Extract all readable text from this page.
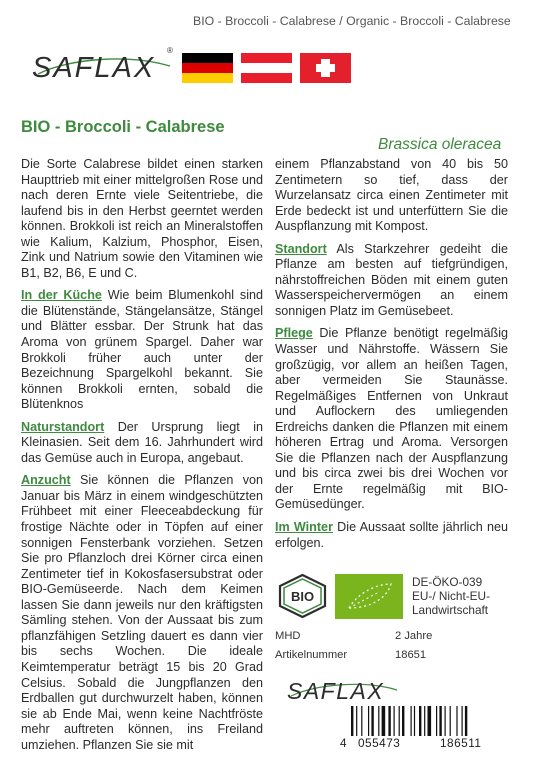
BIO - Broccoli - Calabrese / Organic - Broccoli - Calabrese
SAFLAX
®
BIO - Broccoli - Calabrese
Brassica oleracea

Die Sorte Calabrese bildet einen starken Haupttrieb mit einer mittelgroßen Rose und nach deren Ernte viele Seitentriebe, die laufend bis in den Herbst geerntet werden können. Brokkoli ist reich an Mineralstoffen wie Kalium, Kalzium, Phosphor, Eisen, Zink und Natrium sowie den Vitaminen wie B1, B2, B6, E und C.

In der Küche Wie beim Blumenkohl sind die Blütenstände, Stängelansätze, Stängel und Blätter essbar. Der Strunk hat das Aroma von grünem Spargel. Daher war Brokkoli früher auch unter der Bezeichnung Spargelkohl bekannt. Sie können Brokkoli ernten, sobald die Blütenknos

Naturstandort Der Ursprung liegt in Kleinasien. Seit dem 16. Jahrhundert wird das Gemüse auch in Europa, angebaut.

Anzucht Sie können die Pflanzen von Januar bis März in einem windgeschützten Frühbeet mit einer Fleeceabdeckung für frostige Nächte oder in Töpfen auf einer sonnigen Fensterbank vorziehen. Setzen Sie pro Pflanzloch drei Körner circa einen Zentimeter tief in Kokosfasersubstrat oder BIO-Gemüseerde. Nach dem Keimen lassen Sie dann jeweils nur den kräftigsten Sämling stehen. Von der Aussaat bis zum pflanzfähigen Setzling dauert es dann vier bis sechs Wochen. Die ideale Keimtemperatur beträgt 15 bis 20 Grad Celsius. Sobald die Jungpflanzen den Erdballen gut durchwurzelt haben, können sie ab Ende Mai, wenn keine Nachtfröste mehr auftreten können, ins Freiland umziehen. Pflanzen Sie sie mit

einem Pflanzabstand von 40 bis 50 Zentimetern so tief, dass der Wurzelansatz circa einen Zentimeter mit Erde bedeckt ist und unterfüttern Sie die Auspflanzung mit Kompost.

Standort Als Starkzehrer gedeiht die Pflanze am besten auf tiefgründigen, nährstoffreichen Böden mit einem guten Wasserspeichervermögen an einem sonnigen Platz im Gemüsebeet.

Pflege Die Pflanze benötigt regelmäßig Wasser und Nährstoffe. Wässern Sie großzügig, vor allem an heißen Tagen, aber vermeiden Sie Staunässe. Regelmäßiges Entfernen von Unkraut und Auflockern des umliegenden Erdreichs danken die Pflanzen mit einem höheren Ertrag und Aroma. Versorgen Sie die Pflanzen nach der Auspflanzung und bis circa zwei bis drei Wochen vor der Ernte regelmäßig mit BIO-Gemüsedünger.

Im Winter Die Aussaat sollte jährlich neu erfolgen.

BIO
DE-ÖKO-039
EU-/ Nicht-EU-
Landwirtschaft
MHD	2 Jahre
Artikelnummer	18651
SAFLAX
4 055473	186511
